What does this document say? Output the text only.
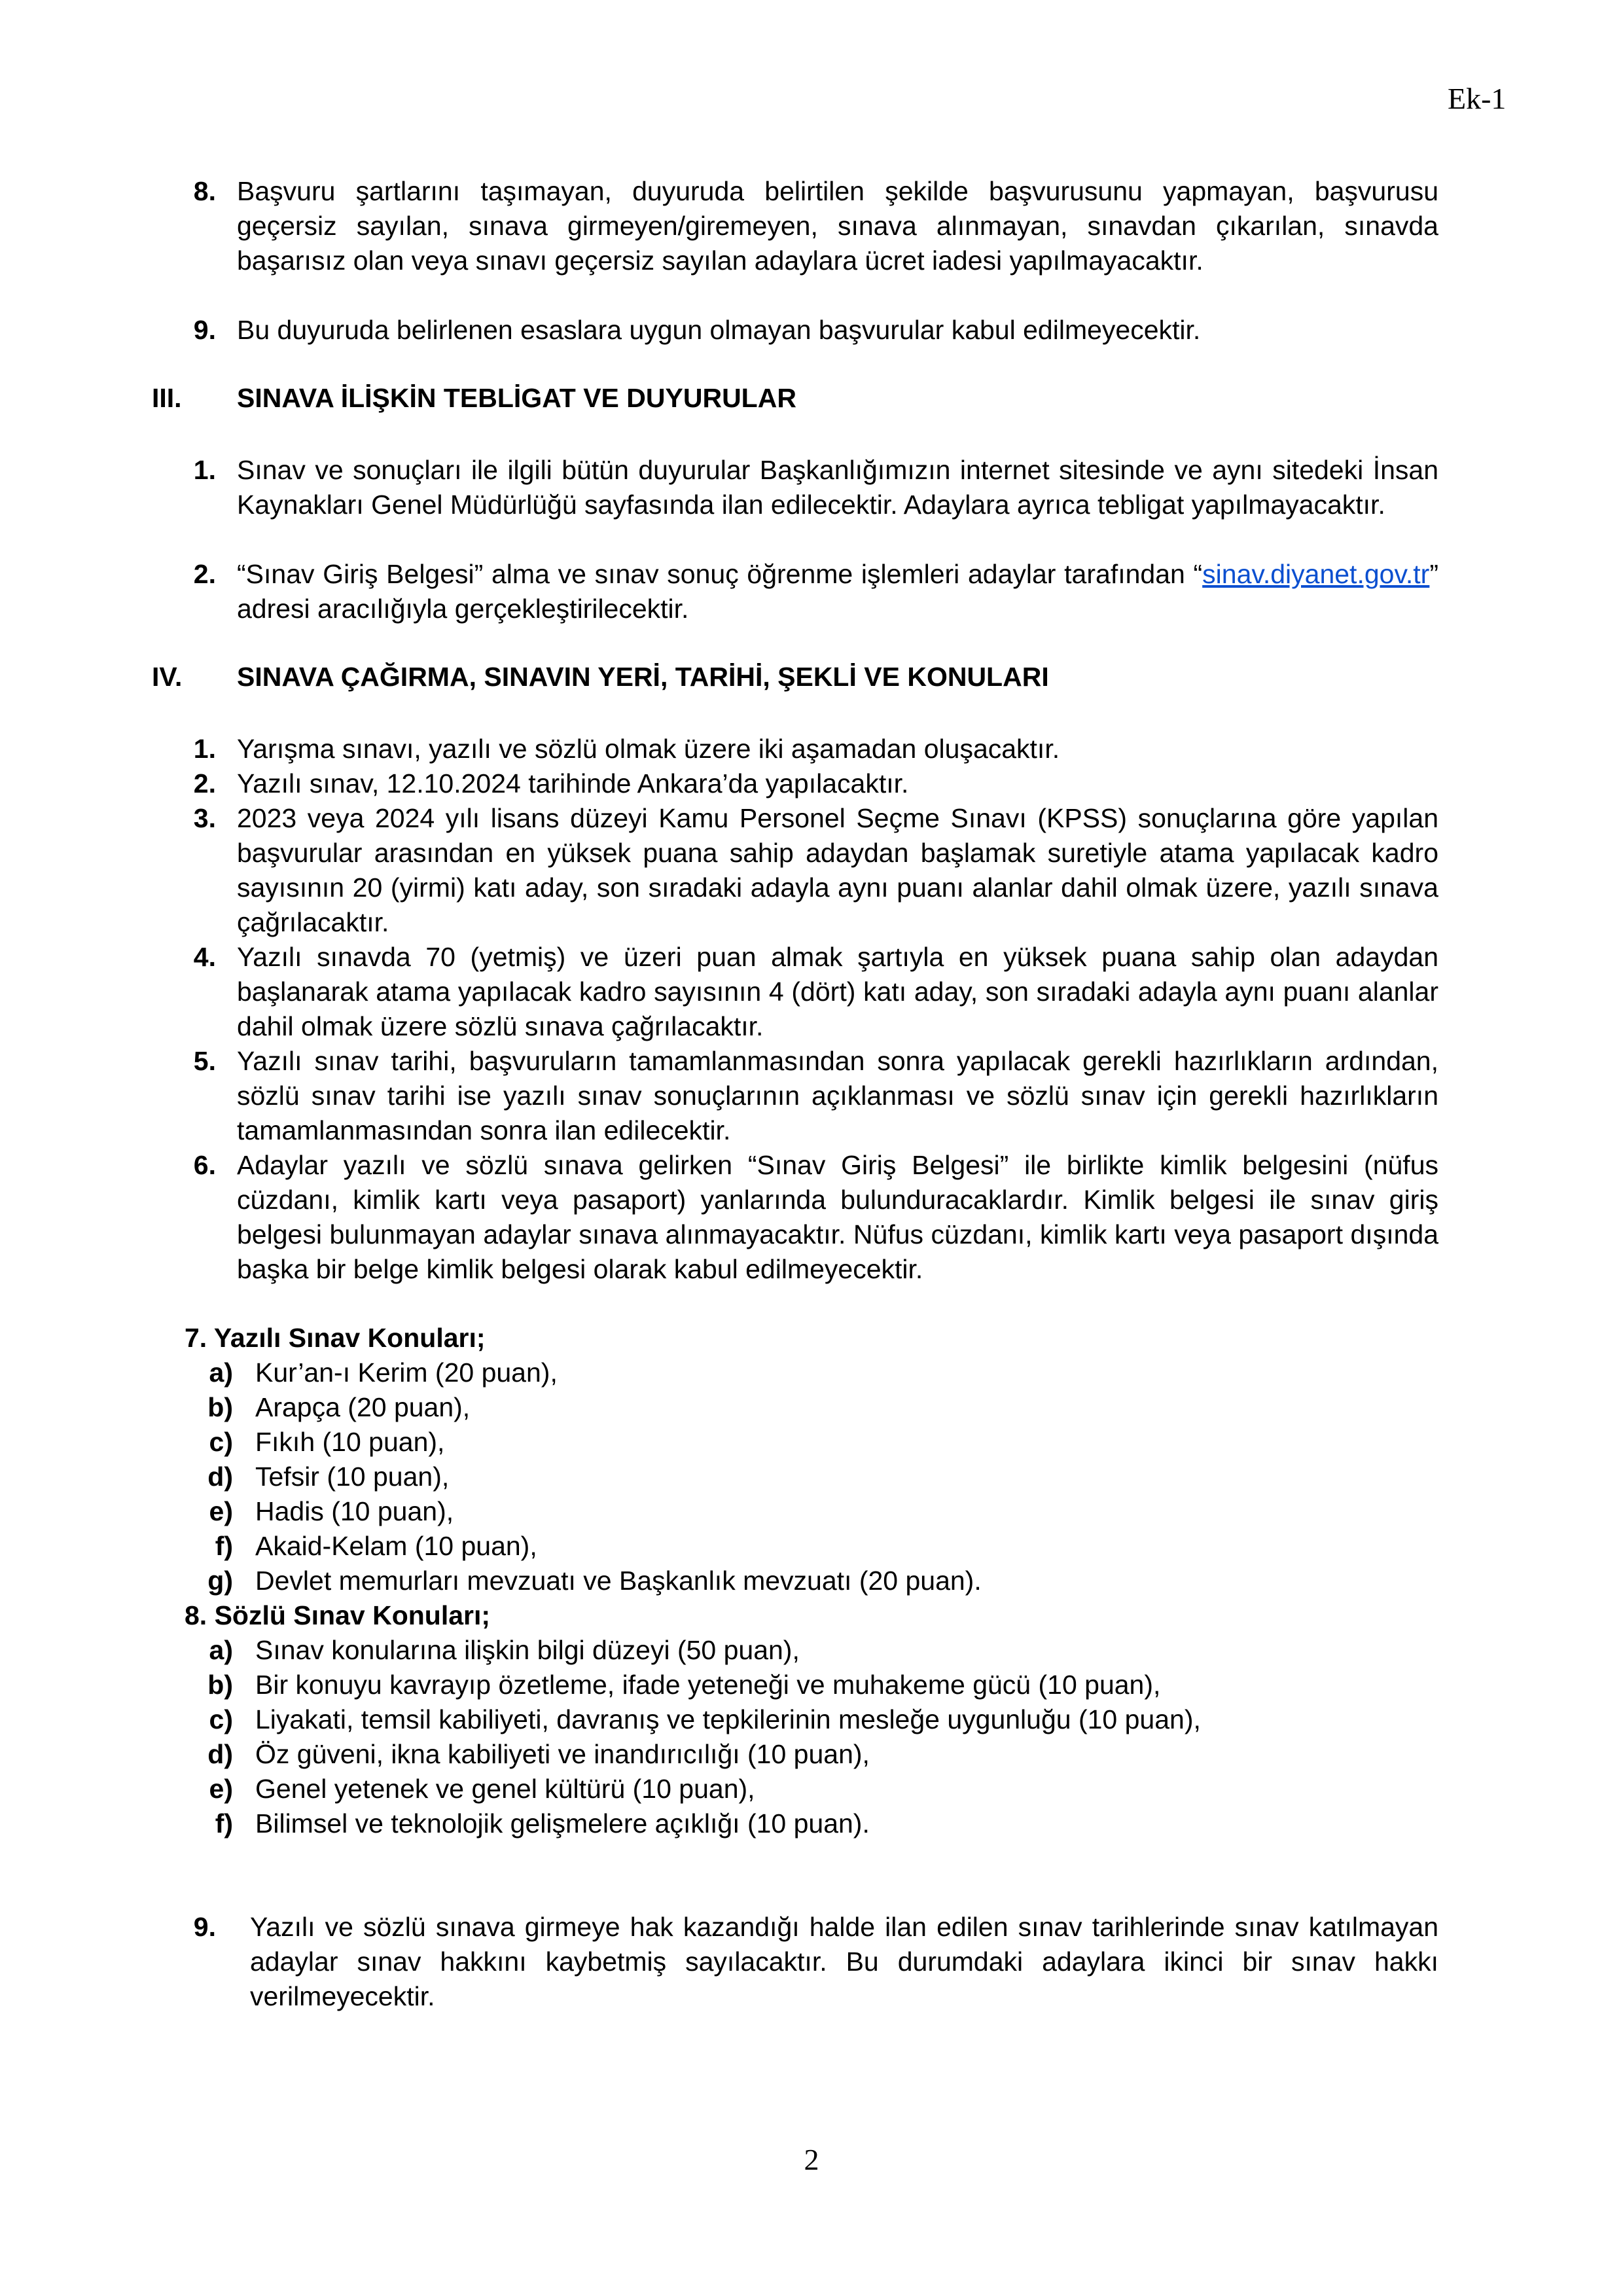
Ek-1
8. Başvuru şartlarını taşımayan, duyuruda belirtilen şekilde başvurusunu yapmayan, başvurusu geçersiz sayılan, sınava girmeyen/giremeyen, sınava alınmayan, sınavdan çıkarılan, sınavda başarısız olan veya sınavı geçersiz sayılan adaylara ücret iadesi yapılmayacaktır.
9. Bu duyuruda belirlenen esaslara uygun olmayan başvurular kabul edilmeyecektir.
III. SINAVA İLİŞKİN TEBLİGAT VE DUYURULAR
1. Sınav ve sonuçları ile ilgili bütün duyurular Başkanlığımızın internet sitesinde ve aynı sitedeki İnsan Kaynakları Genel Müdürlüğü sayfasında ilan edilecektir. Adaylara ayrıca tebligat yapılmayacaktır.
2. “Sınav Giriş Belgesi” alma ve sınav sonuç öğrenme işlemleri adaylar tarafından “sinav.diyanet.gov.tr” adresi aracılığıyla gerçekleştirilecektir.
IV. SINAVA ÇAĞIRMA, SINAVIN YERİ, TARİHİ, ŞEKLİ VE KONULARI
1. Yarışma sınavı, yazılı ve sözlü olmak üzere iki aşamadan oluşacaktır.
2. Yazılı sınav, 12.10.2024 tarihinde Ankara’da yapılacaktır.
3. 2023 veya 2024 yılı lisans düzeyi Kamu Personel Seçme Sınavı (KPSS) sonuçlarına göre yapılan başvurular arasından en yüksek puana sahip adaydan başlamak suretiyle atama yapılacak kadro sayısının 20 (yirmi) katı aday, son sıradaki adayla aynı puanı alanlar dahil olmak üzere, yazılı sınava çağrılacaktır.
4. Yazılı sınavda 70 (yetmiş) ve üzeri puan almak şartıyla en yüksek puana sahip olan adaydan başlanarak atama yapılacak kadro sayısının 4 (dört) katı aday, son sıradaki adayla aynı puanı alanlar dahil olmak üzere sözlü sınava çağrılacaktır.
5. Yazılı sınav tarihi, başvuruların tamamlanmasından sonra yapılacak gerekli hazırlıkların ardından, sözlü sınav tarihi ise yazılı sınav sonuçlarının açıklanması ve sözlü sınav için gerekli hazırlıkların tamamlanmasından sonra ilan edilecektir.
6. Adaylar yazılı ve sözlü sınava gelirken “Sınav Giriş Belgesi” ile birlikte kimlik belgesini (nüfus cüzdanı, kimlik kartı veya pasaport) yanlarında bulunduracaklardır. Kimlik belgesi ile sınav giriş belgesi bulunmayan adaylar sınava alınmayacaktır. Nüfus cüzdanı, kimlik kartı veya pasaport dışında başka bir belge kimlik belgesi olarak kabul edilmeyecektir.
7. Yazılı Sınav Konuları;
a) Kur’an-ı Kerim (20 puan),
b) Arapça (20 puan),
c) Fıkıh (10 puan),
d) Tefsir (10 puan),
e) Hadis (10 puan),
f) Akaid-Kelam (10 puan),
g) Devlet memurları mevzuatı ve Başkanlık mevzuatı (20 puan).
8. Sözlü Sınav Konuları;
a) Sınav konularına ilişkin bilgi düzeyi (50 puan),
b) Bir konuyu kavrayıp özetleme, ifade yeteneği ve muhakeme gücü (10 puan),
c) Liyakati, temsil kabiliyeti, davranış ve tepkilerinin mesleğe uygunluğu (10 puan),
d) Öz güveni, ikna kabiliyeti ve inandırıcılığı (10 puan),
e) Genel yetenek ve genel kültürü (10 puan),
f) Bilimsel ve teknolojik gelişmelere açıklığı (10 puan).
9. Yazılı ve sözlü sınava girmeye hak kazandığı halde ilan edilen sınav tarihlerinde sınav katılmayan adaylar sınav hakkını kaybetmiş sayılacaktır. Bu durumdaki adaylara ikinci bir sınav hakkı verilmeyecektir.
2
